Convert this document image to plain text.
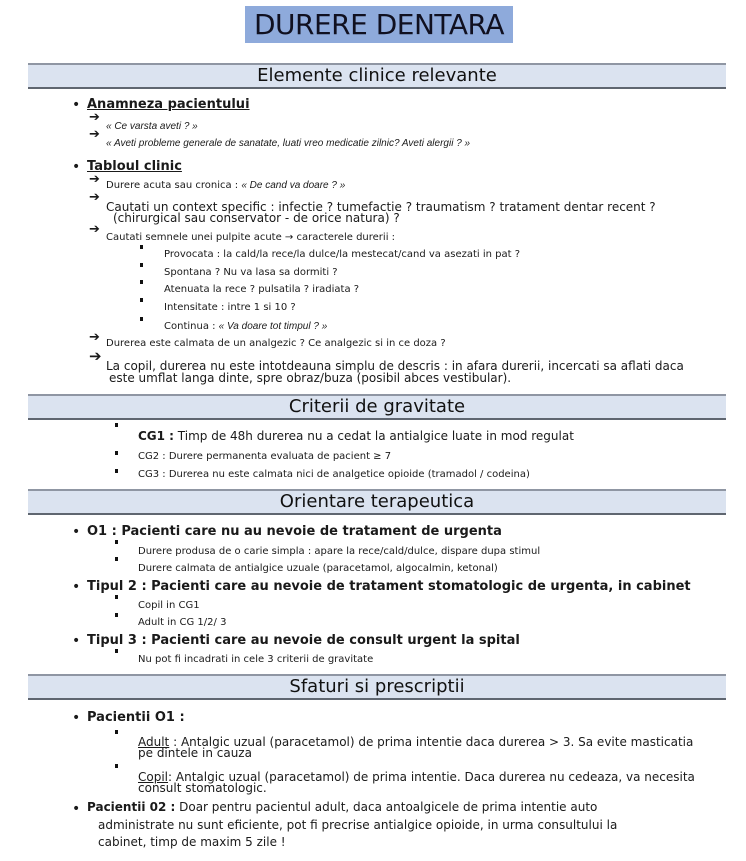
DURERE DENTARA
Elemente clinice relevante
• Anamneza pacientului
➔
« Ce varsta aveti ? »
➔
« Aveti probleme generale de sanatate, luati vreo medicatie zilnic? Aveti alergii ? »
• Tabloul clinic
➔ Durere acuta sau cronica : « De cand va doare ? »
➔
Cautati un context specific : infectie ? tumefactie ? traumatism ? tratament dentar recent ?
(chirurgical sau conservator - de orice natura) ?
➔
Cautati semnele unei pulpite acute → caracterele durerii :
Provocata : la cald/la rece/la dulce/la mestecat/cand va asezati in pat ?
Spontana ? Nu va lasa sa dormiti ?
Atenuata la rece ? pulsatila ? iradiata ?
Intensitate : intre 1 si 10 ?
Continua : « Va doare tot timpul ? »
➔ Durerea este calmata de un analgezic ? Ce analgezic si in ce doza ?
➔
La copil, durerea nu este intotdeauna simplu de descris : in afara durerii, incercati sa aflati daca
este umflat langa dinte, spre obraz/buza (posibil abces vestibular).
Criterii de gravitate
CG1 : Timp de 48h durerea nu a cedat la antialgice luate in mod regulat
CG2 : Durere permanenta evaluata de pacient ≥ 7
CG3 : Durerea nu este calmata nici de analgetice opioide (tramadol / codeina)
Orientare terapeutica
• O1 : Pacienti care nu au nevoie de tratament de urgenta
Durere produsa de o carie simpla : apare la rece/cald/dulce, dispare dupa stimul
Durere calmata de antialgice uzuale (paracetamol, algocalmin, ketonal)
• Tipul 2 : Pacienti care au nevoie de tratament stomatologic de urgenta, in cabinet
Copil in CG1
Adult in CG 1/2/ 3
• Tipul 3 : Pacienti care au nevoie de consult urgent la spital
Nu pot fi incadrati in cele 3 criterii de gravitate
Sfaturi si prescriptii
• Pacientii O1 :
Adult : Antalgic uzual (paracetamol) de prima intentie daca durerea > 3. Sa evite masticatia
pe dintele in cauza
Copil: Antalgic uzual (paracetamol) de prima intentie. Daca durerea nu cedeaza, va necesita
consult stomatologic.
• Pacientii 02 : Doar pentru pacientul adult, daca antoalgicele de prima intentie auto
administrate nu sunt eficiente, pot fi precrise antialgice opioide, in urma consultului la
cabinet, timp de maxim 5 zile !
